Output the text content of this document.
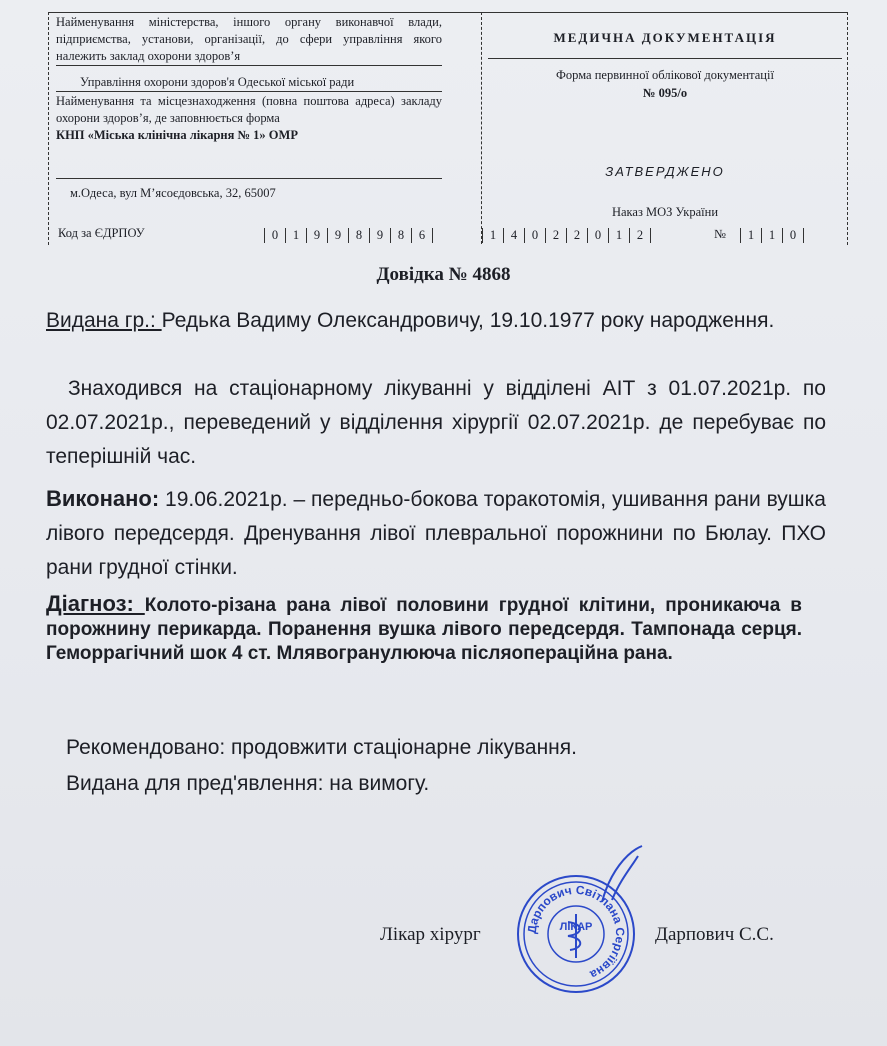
Найменування міністерства, іншого органу виконавчої влади, підприємства, установи, організації, до сфери управління якого належить заклад охорони здоров’я
Управління охорони здоров'я Одеської міської ради
Найменування та місцезнаходження (повна поштова адреса) закладу охорони здоров’я, де заповнюється форма
КНП «Міська клінічна лікарня № 1» ОМР
м.Одеса, вул М’ясоєдовська, 32, 65007
Код за ЄДРПОУ	0	1	9	9	8	9	8	6
МЕДИЧНА ДОКУМЕНТАЦІЯ
Форма первинної облікової документації
№ 095/о
ЗАТВЕРДЖЕНО
Наказ МОЗ України
1	4	0	2	2	0	1	2	№	1	1	0
Довідка № 4868
Видана гр.: Редька Вадиму Олександровичу, 19.10.1977 року народження.
Знаходився на стаціонарному лікуванні у відділені АІТ з 01.07.2021р. по 02.07.2021р., переведений у відділення хірургії 02.07.2021р. де перебуває по теперішній час.
Виконано: 19.06.2021р. – передньо-бокова торакотомія, ушивання рани вушка лівого передсердя. Дренування лівої плевральної порожнини по Бюлау. ПХО рани грудної стінки.
Діагноз: Колото-різана рана лівої половини грудної клітини, проникаюча в порожнину перикарда. Поранення вушка лівого передсердя. Тампонада серця. Геморрагічний шок 4 ст. Млявогранулююча післяопераційна рана.
Рекомендовано: продовжити стаціонарне лікування.
Видана для пред'явлення: на вимогу.
Лікар хірург	Дарпович С.С.
Дарпович Світлана Сергіївна
ЛІКАР
